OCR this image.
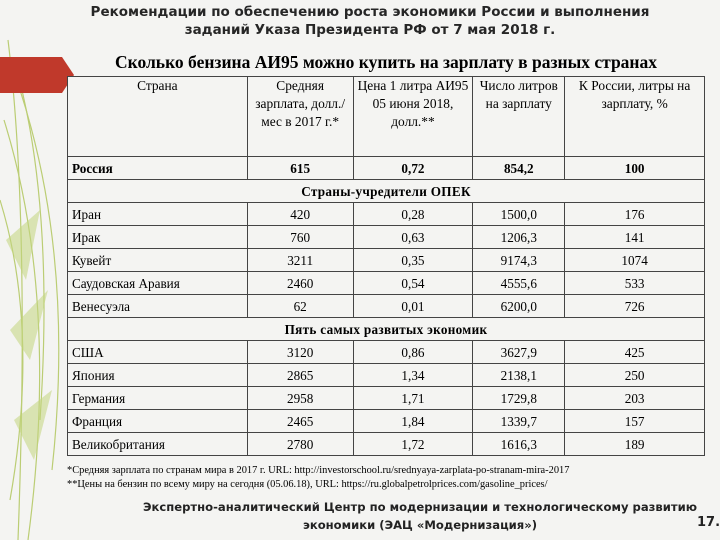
Рекомендации по обеспечению роста экономики России и выполнения
заданий Указа Президента РФ от 7 мая 2018 г.
Сколько бензина АИ95 можно купить на зарплату в разных странах
Страна	Средняя зарплата, долл./мес в 2017 г.*	Цена 1 литра АИ95 05 июня 2018, долл.**	Число литров на зарплату	К России, литры на зарплату, %
Россия	615	0,72	854,2	100
Страны-учредители ОПЕК				
Иран	420	0,28	1500,0	176
Ирак	760	0,63	1206,3	141
Кувейт	3211	0,35	9174,3	1074
Саудовская Аравия	2460	0,54	4555,6	533
Венесуэла	62	0,01	6200,0	726
Пять самых развитых экономик				
США	3120	0,86	3627,9	425
Япония	2865	1,34	2138,1	250
Германия	2958	1,71	1729,8	203
Франция	2465	1,84	1339,7	157
Великобритания	2780	1,72	1616,3	189
*Средняя зарплата по странам мира в 2017 г. URL: http://investorschool.ru/srednyaya-zarplata-po-stranam-mira-2017
**Цены на бензин по всему миру на сегодня (05.06.18), URL: https://ru.globalpetrolprices.com/gasoline_prices/
Экспертно-аналитический Центр по модернизации и технологическому развитию
экономики (ЭАЦ «Модернизация»)	17.
